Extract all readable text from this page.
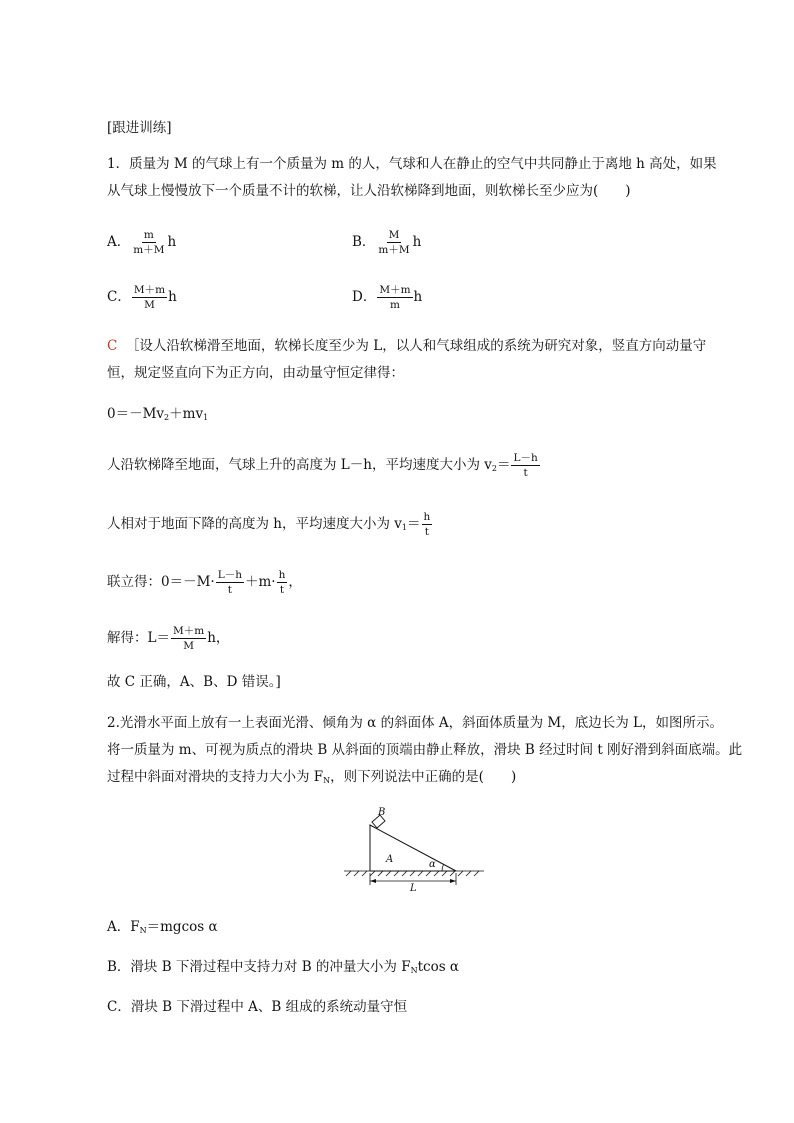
[跟进训练]
1．质量为 M 的气球上有一个质量为 m 的人，气球和人在静止的空气中共同静止于离地 h 高处，如果
从气球上慢慢放下一个质量不计的软梯，让人沿软梯降到地面，则软梯长至少应为(　　)
A． $\frac{m}{m+M}$ h	B． $\frac{M}{m+M}$ h
C． $\frac{M+m}{M}$ h	D． $\frac{M+m}{m}$ h
C ［设人沿软梯滑至地面，软梯长度至少为 L，以人和气球组成的系统为研究对象，竖直方向动量守
恒，规定竖直向下为正方向，由动量守恒定律得：
$0=-Mv_2+mv_1$
人沿软梯降至地面，气球上升的高度为 L－h，平均速度大小为 $v_2= \frac{L-h}{t}$
人相对于地面下降的高度为 h，平均速度大小为 $v_1= \frac{h}{t}$
联立得：$0=-M\cdot \frac{L-h}{t} +m\cdot \frac{h}{t}$ ，
解得：$L= \frac{M+m}{M}$ h，
故 C 正确，A、B、D 错误。]
2.光滑水平面上放有一上表面光滑、倾角为 α 的斜面体 A，斜面体质量为 M，底边长为 L，如图所示。
将一质量为 m、可视为质点的滑块 B 从斜面的顶端由静止释放，滑块 B 经过时间 t 刚好滑到斜面底端。此
过程中斜面对滑块的支持力大小为 $F_N$，则下列说法中正确的是(　　)
B
A	α
L
A．$F_N=mgcos$ α
B．滑块 B 下滑过程中支持力对 B 的冲量大小为 $F_Ntcos$ α
C．滑块 B 下滑过程中 A、B 组成的系统动量守恒
